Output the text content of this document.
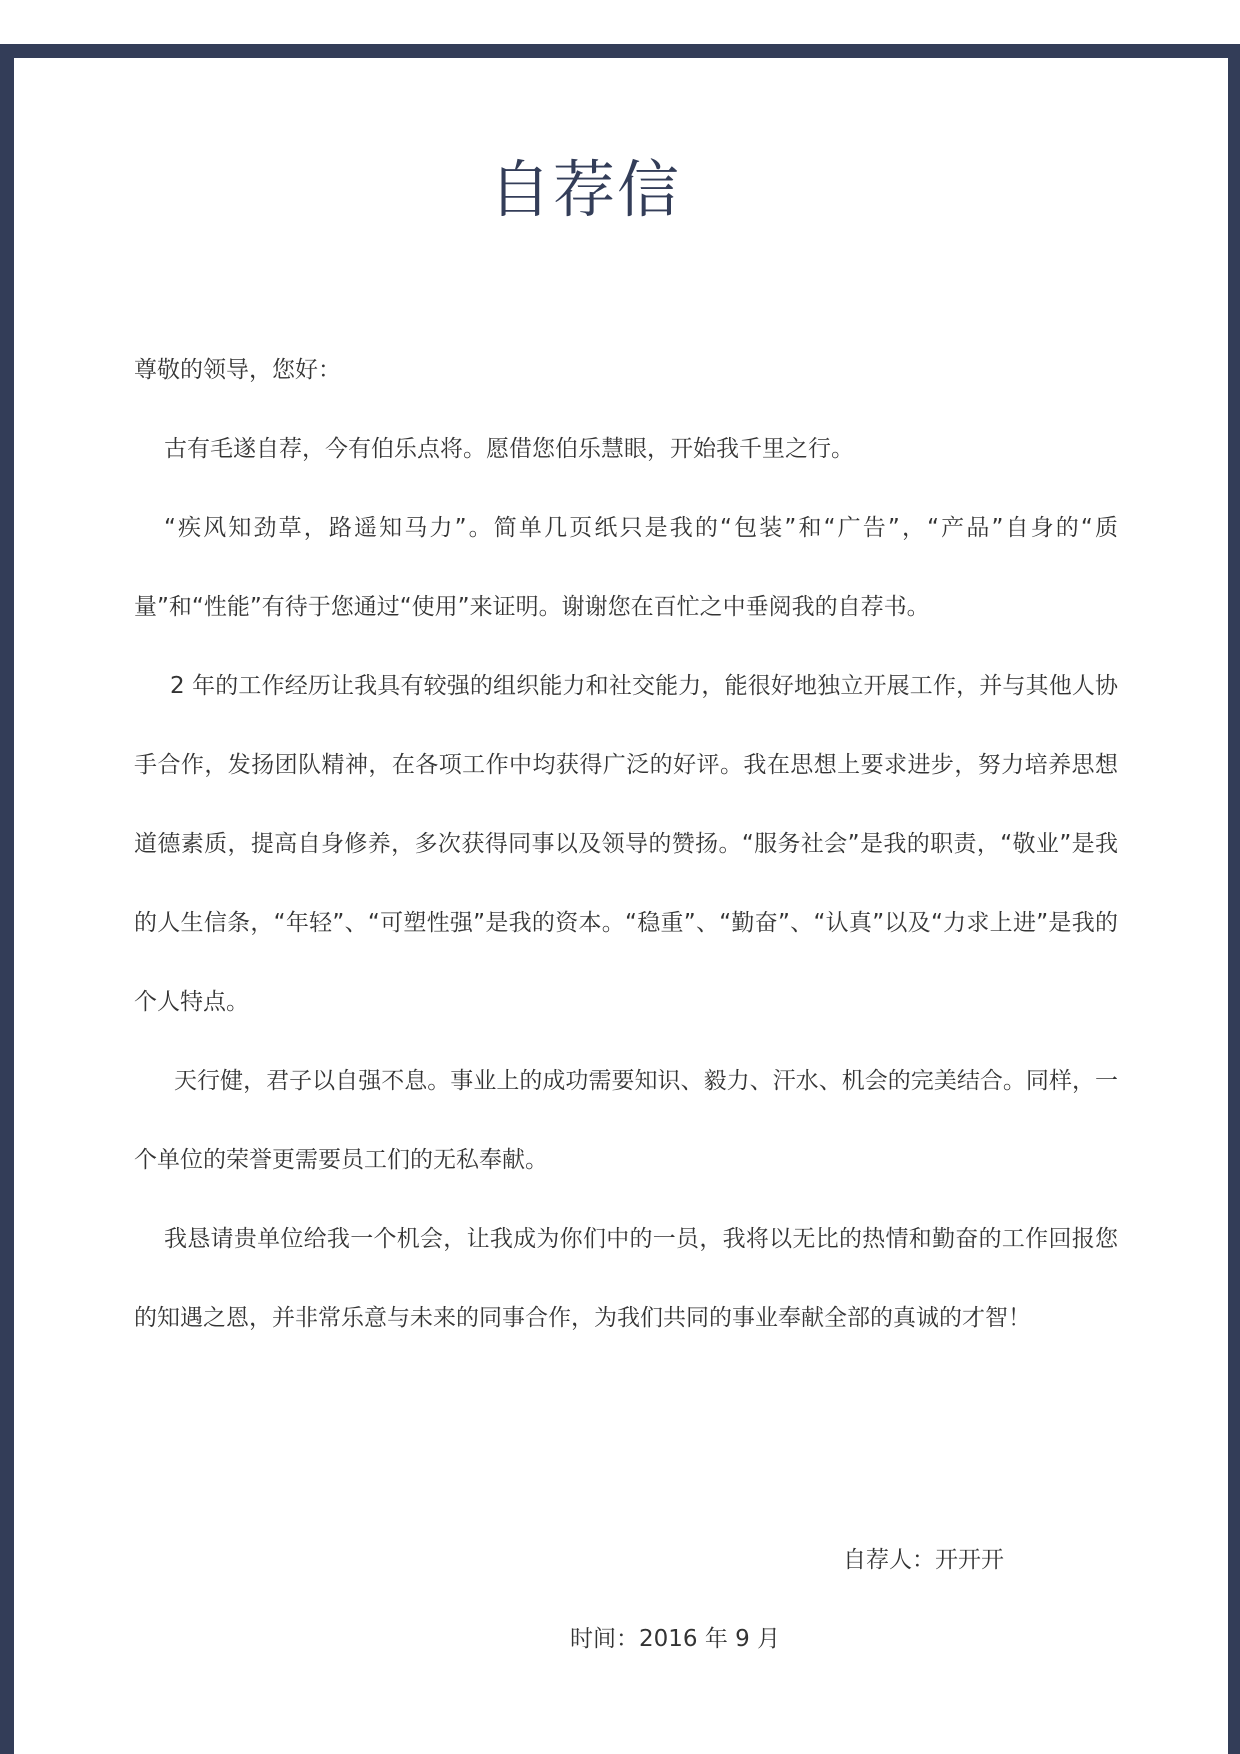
自荐信

尊敬的领导，您好：

古有毛遂自荐，今有伯乐点将。愿借您伯乐慧眼，开始我千里之行。

“疾风知劲草，路遥知马力”。简单几页纸只是我的“包装”和“广告”，“产品”自身的“质量”和“性能”有待于您通过“使用”来证明。谢谢您在百忙之中垂阅我的自荐书。

2 年的工作经历让我具有较强的组织能力和社交能力，能很好地独立开展工作，并与其他人协手合作，发扬团队精神，在各项工作中均获得广泛的好评。我在思想上要求进步，努力培养思想道德素质，提高自身修养，多次获得同事以及领导的赞扬。“服务社会”是我的职责，“敬业”是我的人生信条，“年轻”、“可塑性强”是我的资本。“稳重”、“勤奋”、“认真”以及“力求上进”是我的个人特点。

天行健，君子以自强不息。事业上的成功需要知识、毅力、汗水、机会的完美结合。同样，一个单位的荣誉更需要员工们的无私奉献。

我恳请贵单位给我一个机会，让我成为你们中的一员，我将以无比的热情和勤奋的工作回报您的知遇之恩，并非常乐意与未来的同事合作，为我们共同的事业奉献全部的真诚的才智！

自荐人：开开开
时间：2016 年 9 月
